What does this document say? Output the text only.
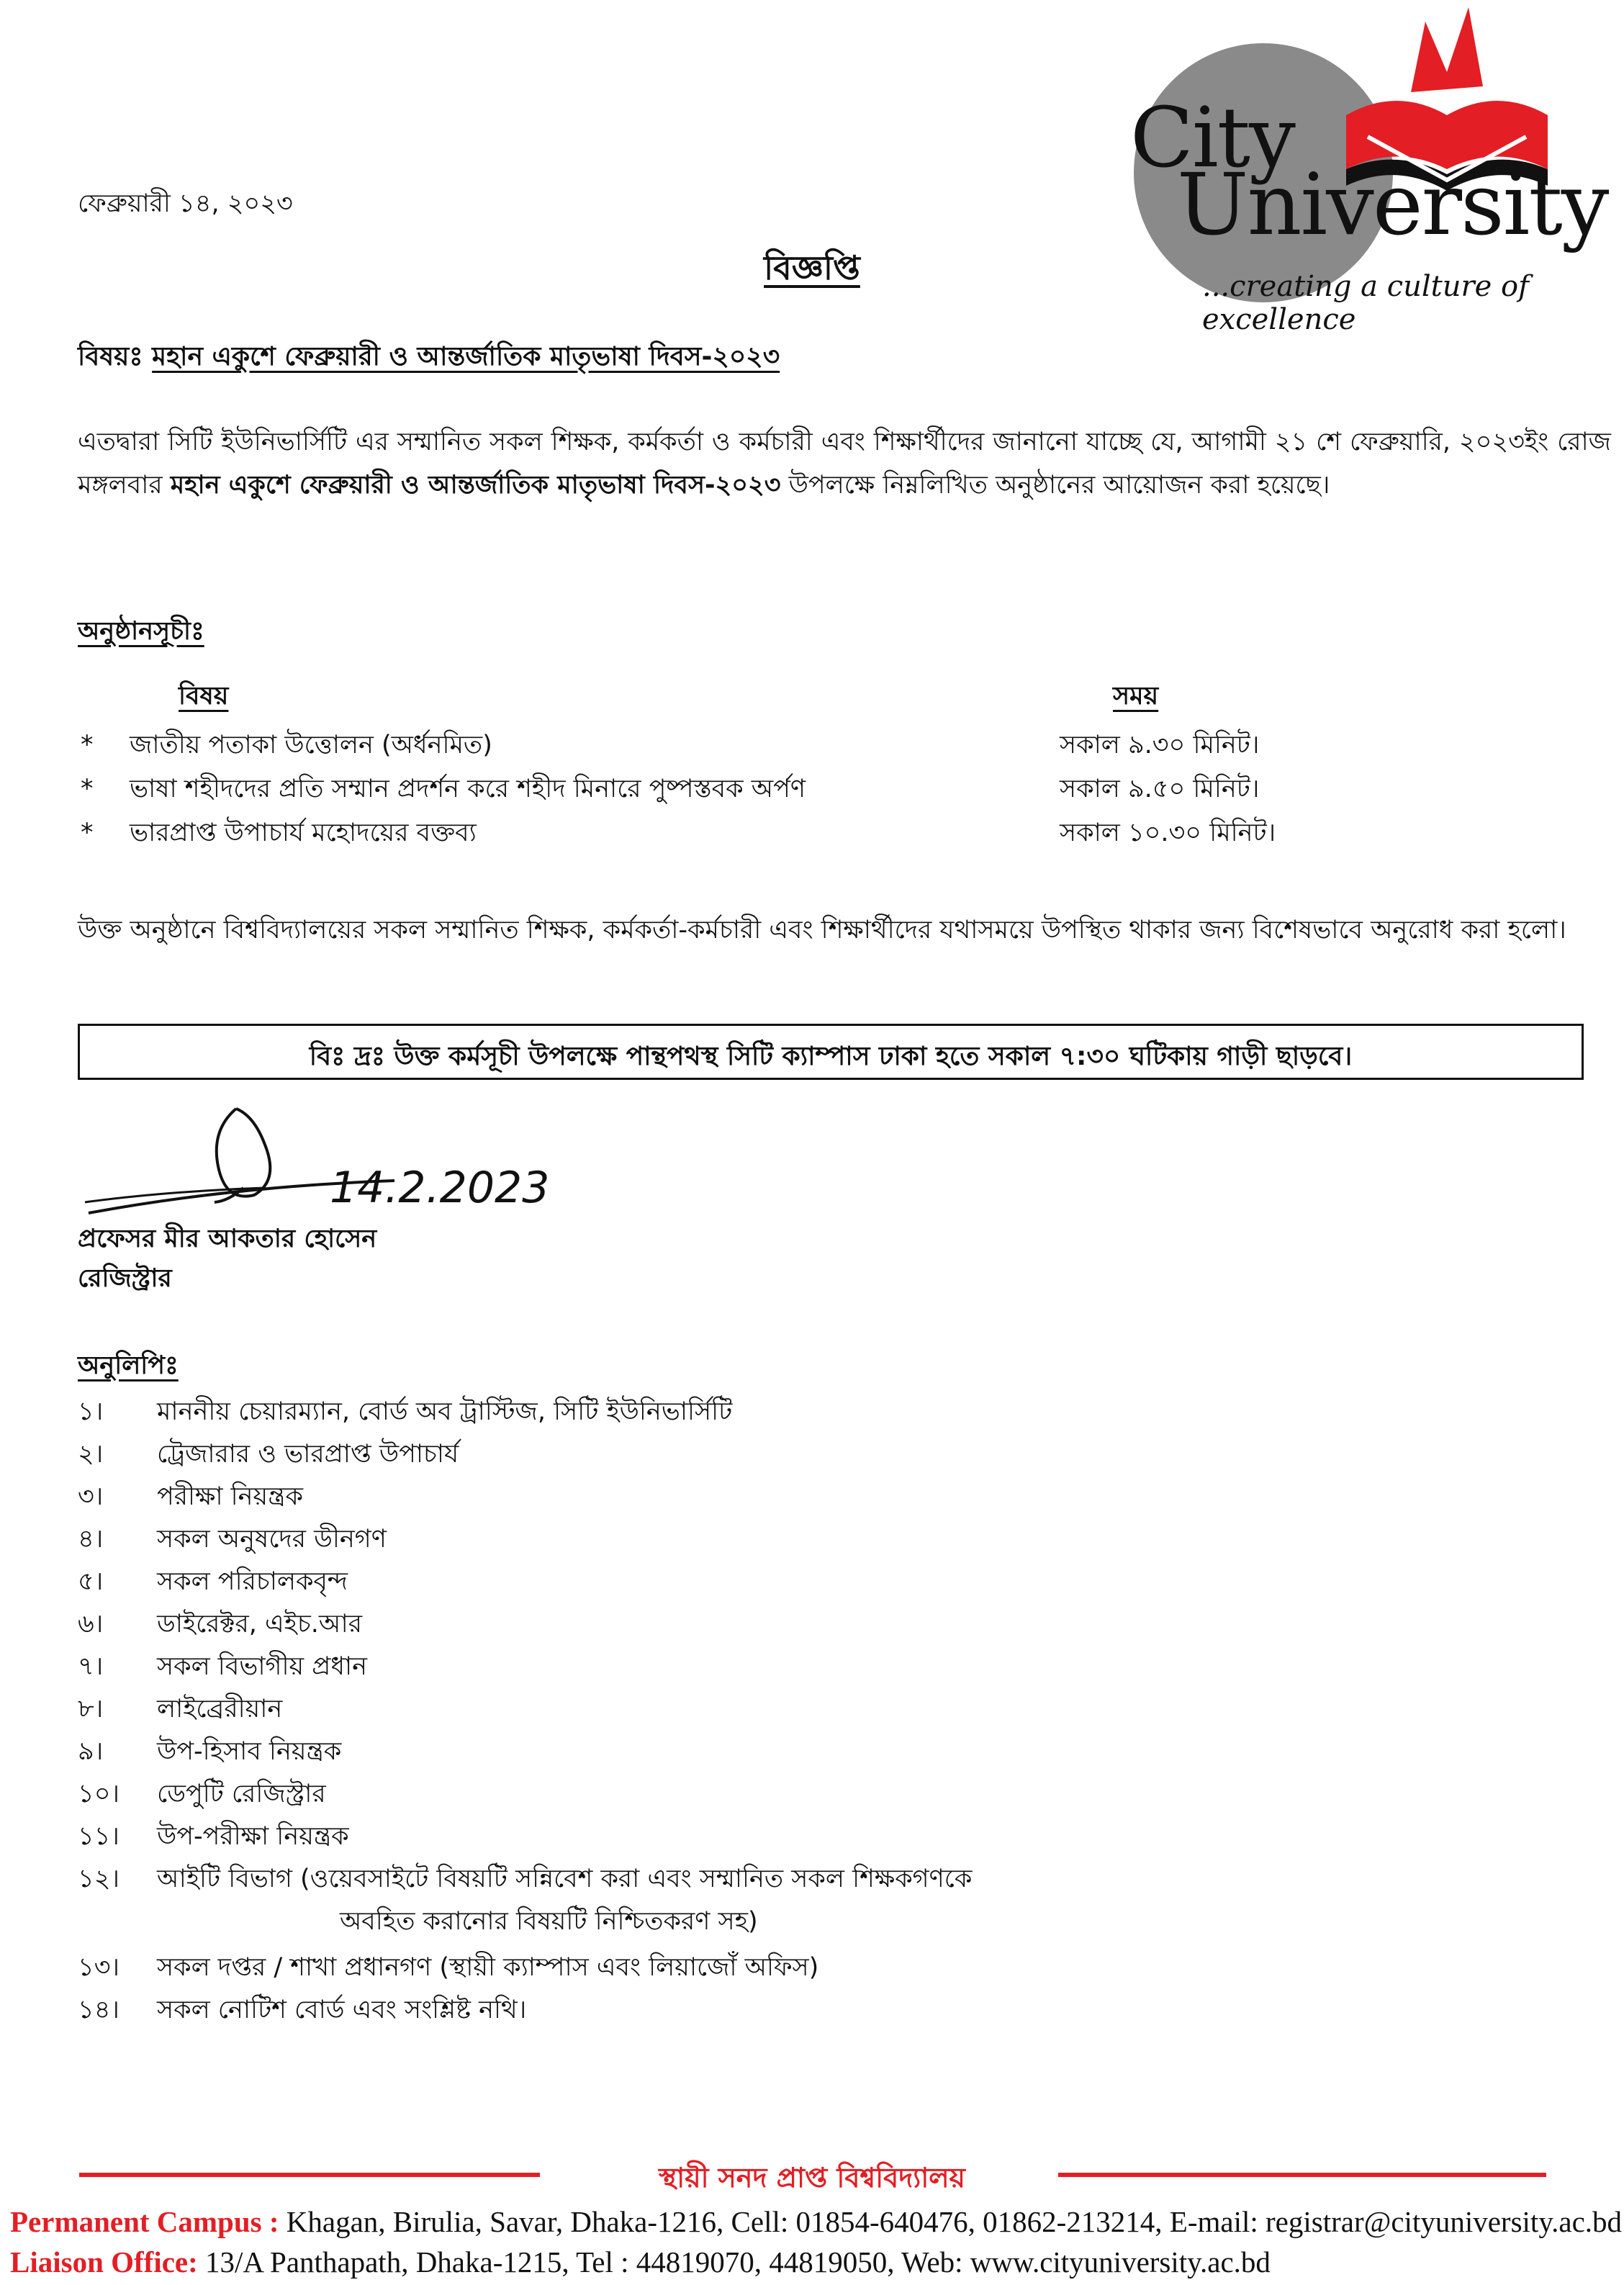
City
University
...creating a culture of excellence
ফেব্রুয়ারী ১৪, ২০২৩
বিজ্ঞপ্তি
বিষয়ঃ মহান একুশে ফেব্রুয়ারী ও আন্তর্জাতিক মাতৃভাষা দিবস-২০২৩
এতদ্বারা সিটি ইউনিভার্সিটি এর সম্মানিত সকল শিক্ষক, কর্মকর্তা ও কর্মচারী এবং শিক্ষার্থীদের জানানো যাচ্ছে যে, আগামী ২১ শে ফেব্রুয়ারি, ২০২৩ইং রোজ মঙ্গলবার মহান একুশে ফেব্রুয়ারী ও আন্তর্জাতিক মাতৃভাষা দিবস-২০২৩ উপলক্ষে নিম্নলিখিত অনুষ্ঠানের আয়োজন করা হয়েছে।
অনুষ্ঠানসূচীঃ
বিষয়	সময়
* জাতীয় পতাকা উত্তোলন (অর্ধনমিত)	সকাল ৯.৩০ মিনিট।
* ভাষা শহীদদের প্রতি সম্মান প্রদর্শন করে শহীদ মিনারে পুষ্পস্তবক অর্পণ	সকাল ৯.৫০ মিনিট।
* ভারপ্রাপ্ত উপাচার্য মহোদয়ের বক্তব্য	সকাল ১০.৩০ মিনিট।
উক্ত অনুষ্ঠানে বিশ্ববিদ্যালয়ের সকল সম্মানিত শিক্ষক, কর্মকর্তা-কর্মচারী এবং শিক্ষার্থীদের যথাসময়ে উপস্থিত থাকার জন্য বিশেষভাবে অনুরোধ করা হলো।
বিঃ দ্রঃ উক্ত কর্মসূচী উপলক্ষে পান্থপথস্থ সিটি ক্যাম্পাস ঢাকা হতে সকাল ৭:৩০ ঘটিকায় গাড়ী ছাড়বে।
14.2.2023
প্রফেসর মীর আকতার হোসেন
রেজিস্ট্রার
অনুলিপিঃ
১। মাননীয় চেয়ারম্যান, বোর্ড অব ট্রাস্টিজ, সিটি ইউনিভার্সিটি
২। ট্রেজারার ও ভারপ্রাপ্ত উপাচার্য
৩। পরীক্ষা নিয়ন্ত্রক
৪। সকল অনুষদের ডীনগণ
৫। সকল পরিচালকবৃন্দ
৬। ডাইরেক্টর, এইচ.আর
৭। সকল বিভাগীয় প্রধান
৮। লাইব্রেরীয়ান
৯। উপ-হিসাব নিয়ন্ত্রক
১০। ডেপুটি রেজিস্ট্রার
১১। উপ-পরীক্ষা নিয়ন্ত্রক
১২। আইটি বিভাগ (ওয়েবসাইটে বিষয়টি সন্নিবেশ করা এবং সম্মানিত সকল শিক্ষকগণকে
অবহিত করানোর বিষয়টি নিশ্চিতকরণ সহ)
১৩। সকল দপ্তর / শাখা প্রধানগণ (স্থায়ী ক্যাম্পাস এবং লিয়াজোঁ অফিস)
১৪। সকল নোটিশ বোর্ড এবং সংশ্লিষ্ট নথি।
স্থায়ী সনদ প্রাপ্ত বিশ্ববিদ্যালয়
Permanent Campus : Khagan, Birulia, Savar, Dhaka-1216, Cell: 01854-640476, 01862-213214, E-mail: registrar@cityuniversity.ac.bd
Liaison Office: 13/A Panthapath, Dhaka-1215, Tel : 44819070, 44819050, Web: www.cityuniversity.ac.bd
